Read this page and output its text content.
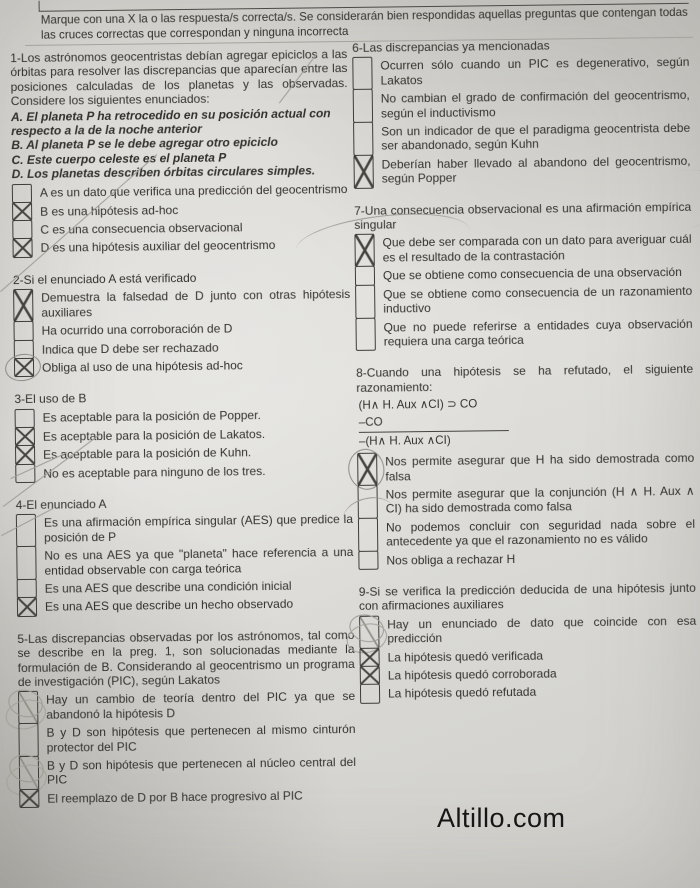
Marque con una X la o las respuesta/s correcta/s. Se considerarán bien respondidas aquellas preguntas que contengan todas las cruces correctas que correspondan y ninguna incorrecta

1-Los astrónomos geocentristas debían agregar epiciclos a las órbitas para resolver las discrepancias que aparecían entre las posiciones calculadas de los planetas y las observadas. Considere los siguientes enunciados:

A. El planeta P ha retrocedido en su posición actual con respecto a la de la noche anterior

B. Al planeta P se le debe agregar otro epiciclo

C. Este cuerpo celeste es el planeta P

D. Los planetas describen órbitas circulares simples.

A es un dato que verifica una predicción del geocentrismo
B es una hipótesis ad-hoc
C es una consecuencia observacional
D es una hipótesis auxiliar del geocentrismo

2-Si el enunciado A está verificado

Demuestra la falsedad de D junto con otras hipótesis auxiliares
Ha ocurrido una corroboración de D
Indica que D debe ser rechazado
Obliga al uso de una hipótesis ad-hoc

3-El uso de B

Es aceptable para la posición de Popper.
Es aceptable para la posición de Lakatos.
Es aceptable para la posición de Kuhn.
No es aceptable para ninguno de los tres.

4-El enunciado A

Es una afirmación empírica singular (AES) que predice la posición de P
No es una AES ya que "planeta" hace referencia a una entidad observable con carga teórica
Es una AES que describe una condición inicial
Es una AES que describe un hecho observado

5-Las discrepancias observadas por los astrónomos, tal como se describe en la preg. 1, son solucionadas mediante la formulación de B. Considerando al geocentrismo un programa de investigación (PIC), según Lakatos

Hay un cambio de teoría dentro del PIC ya que se abandonó la hipótesis D
B y D son hipótesis que pertenecen al mismo cinturón protector del PIC
B y D son hipótesis que pertenecen al núcleo central del PIC
El reemplazo de D por B hace progresivo al PIC

6-Las discrepancias ya mencionadas

Ocurren sólo cuando un PIC es degenerativo, según Lakatos
No cambian el grado de confirmación del geocentrismo, según el inductivismo
Son un indicador de que el paradigma geocentrista debe ser abandonado, según Kuhn
Deberían haber llevado al abandono del geocentrismo, según Popper

7-Una consecuencia observacional es una afirmación empírica singular

Que debe ser comparada con un dato para averiguar cuál es el resultado de la contrastación
Que se obtiene como consecuencia de una observación
Que se obtiene como consecuencia de un razonamiento inductivo
Que no puede referirse a entidades cuya observación requiera una carga teórica

8-Cuando una hipótesis se ha refutado, el siguiente razonamiento:

(H∧ H. Aux ∧CI) ⊃ CO

–CO

–(H∧ H. Aux ∧CI)

Nos permite asegurar que H ha sido demostrada como falsa
Nos permite asegurar que la conjunción (H ∧ H. Aux ∧ CI) ha sido demostrada como falsa
No podemos concluir con seguridad nada sobre el antecedente ya que el razonamiento no es válido
Nos obliga a rechazar H

9-Si se verifica la predicción deducida de una hipótesis junto con afirmaciones auxiliares

Hay un enunciado de dato que coincide con esa predicción
La hipótesis quedó verificada
La hipótesis quedó corroborada
La hipótesis quedó refutada
Altillo.com
